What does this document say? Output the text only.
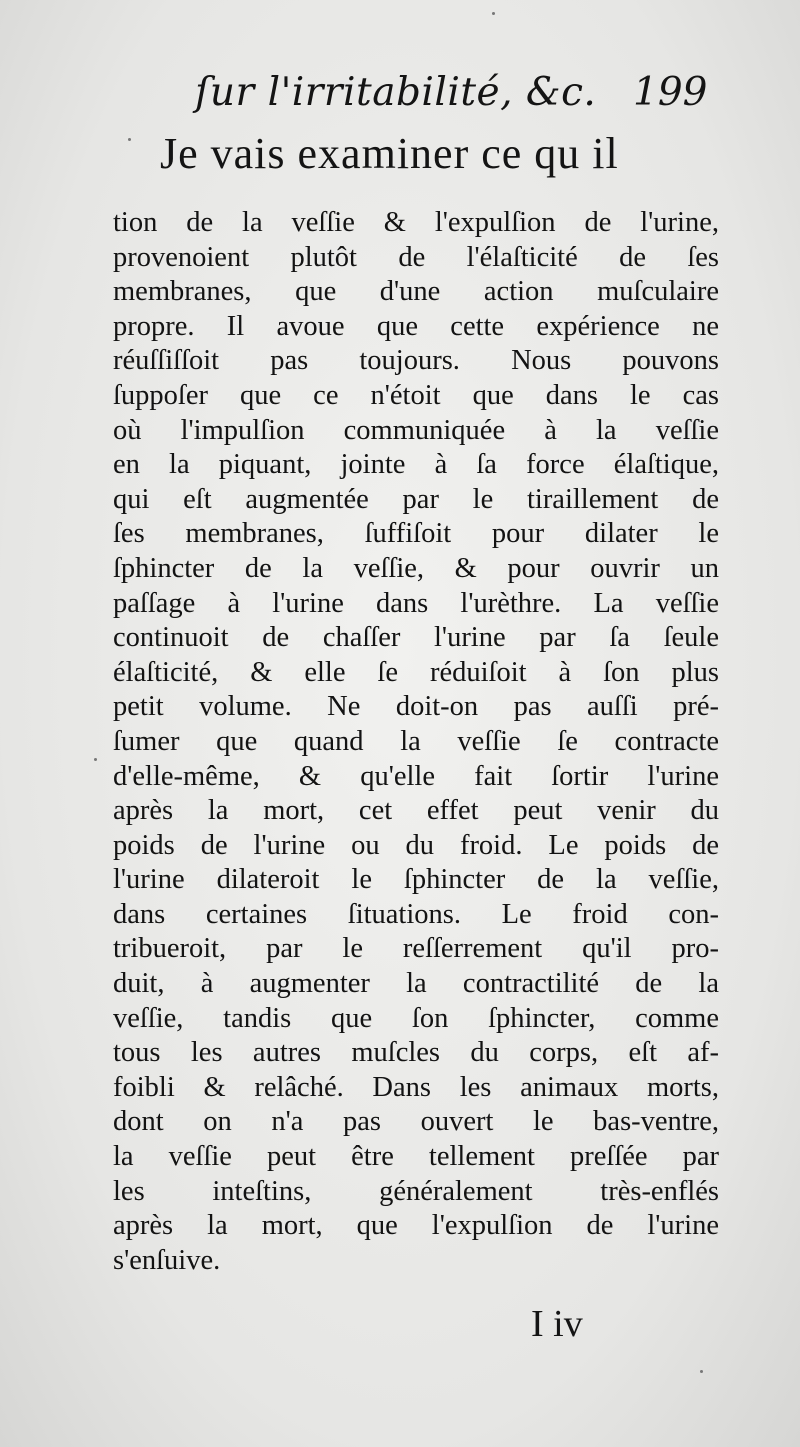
ſur l'irritabilité, &c. 199
Je vais examiner ce qu il
tion de la veſſie & l'expulſion de l'urine,
provenoient plutôt de l'élaſticité de ſes
membranes, que d'une action muſculaire
propre. Il avoue que cette expérience ne
réuſſiſſoit pas toujours. Nous pouvons
ſuppoſer que ce n'étoit que dans le cas
où l'impulſion communiquée à la veſſie
en la piquant, jointe à ſa force élaſtique,
qui eſt augmentée par le tiraillement de
ſes membranes, ſuffiſoit pour dilater le
ſphincter de la veſſie, & pour ouvrir un
paſſage à l'urine dans l'urèthre. La veſſie
continuoit de chaſſer l'urine par ſa ſeule
élaſticité, & elle ſe réduiſoit à ſon plus
petit volume. Ne doit-on pas auſſi pré-
ſumer que quand la veſſie ſe contracte
d'elle-même, & qu'elle fait ſortir l'urine
après la mort, cet effet peut venir du
poids de l'urine ou du froid. Le poids de
l'urine dilateroit le ſphincter de la veſſie,
dans certaines ſituations. Le froid con-
tribueroit, par le reſſerrement qu'il pro-
duit, à augmenter la contractilité de la
veſſie, tandis que ſon ſphincter, comme
tous les autres muſcles du corps, eſt af-
foibli & relâché. Dans les animaux morts,
dont on n'a pas ouvert le bas-ventre,
la veſſie peut être tellement preſſée par
les inteſtins, généralement très-enflés
après la mort, que l'expulſion de l'urine
s'enſuive.
I iv
